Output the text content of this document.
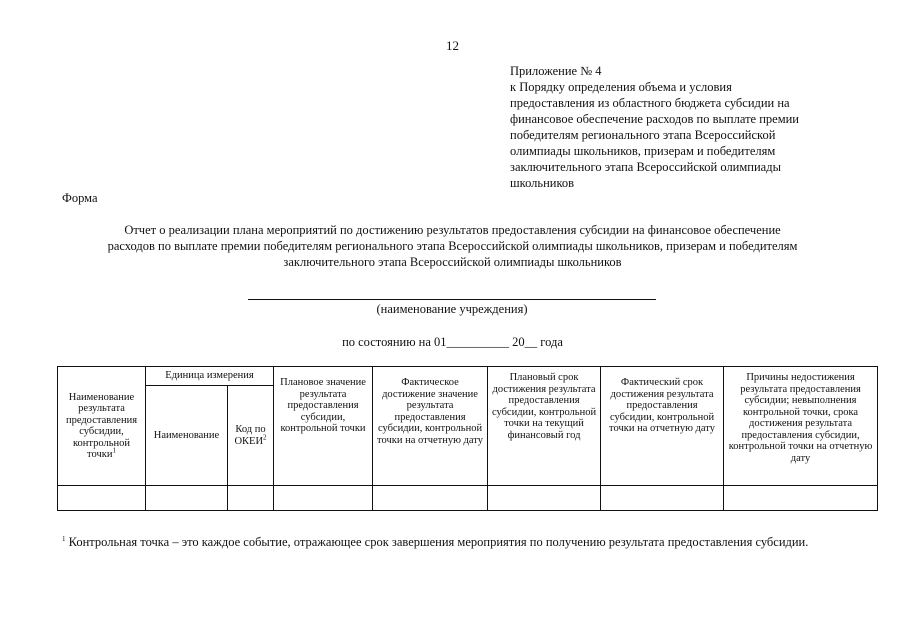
12
Приложение № 4
к Порядку определения объема и условия
предоставления из областного бюджета субсидии на
финансовое обеспечение расходов по выплате премии
победителям регионального этапа Всероссийской
олимпиады школьников, призерам и победителям
заключительного этапа Всероссийской олимпиады
школьников
Форма
Отчет о реализации плана мероприятий по достижению результатов предоставления субсидии на финансовое обеспечение
расходов по выплате премии победителям регионального этапа Всероссийской олимпиады школьников, призерам и победителям
заключительного этапа Всероссийской олимпиады школьников
(наименование учреждения)
по состоянию на 01__________ 20__ года
Наименование результата предоставления субсидии, контрольной точки$^1$	Единица измерения		Плановое значение результата предоставления субсидии, контрольной точки	Фактическое достижение значение результата предоставления субсидии, контрольной точки на отчетную дату	Плановый срок достижения результата предоставления субсидии, контрольной точки на текущий финансовый год	Фактический срок достижения результата предоставления субсидии, контрольной точки на отчетную дату	Причины недостижения результата предоставления субсидии; невыполнения контрольной точки, срока достижения результата предоставления субсидии, контрольной точки на отчетную дату
	Наименование	Код по ОКЕИ$^2$

$^1$ Контрольная точка – это каждое событие, отражающее срок завершения мероприятия по получению результата предоставления субсидии.
